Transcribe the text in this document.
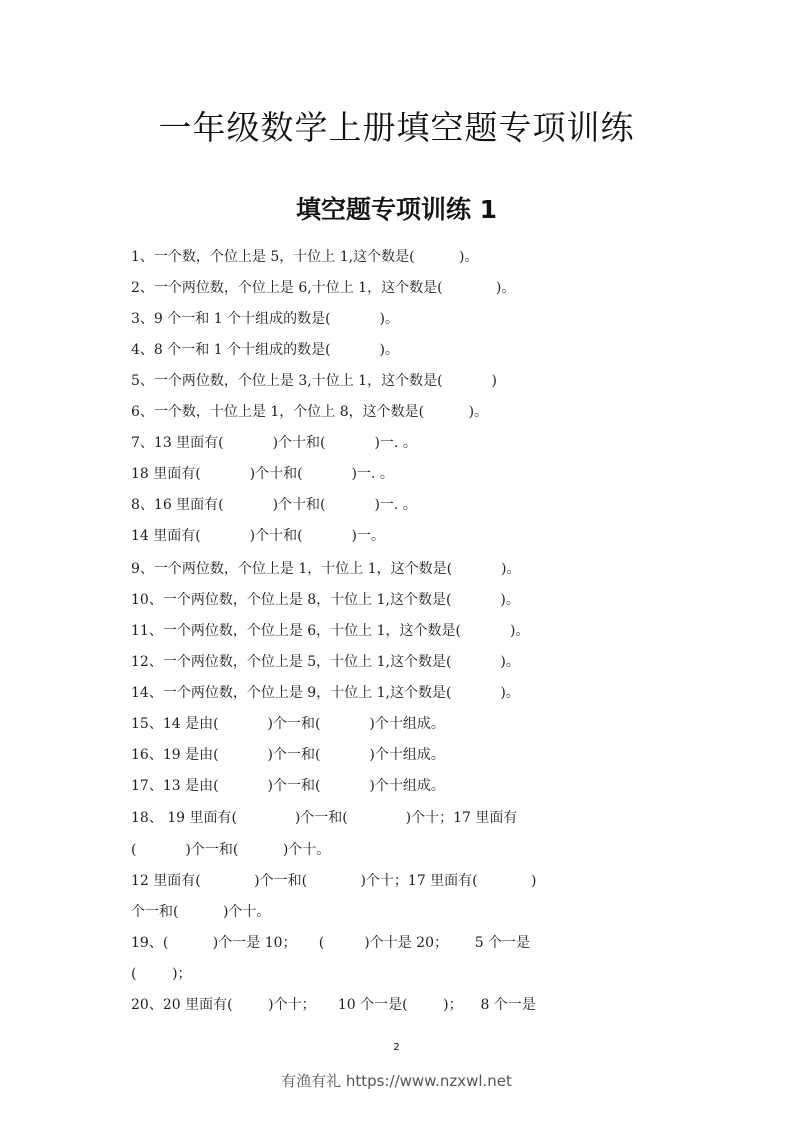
一年级数学上册填空题专项训练
填空题专项训练 1
1、一个数，个位上是 5，十位上 1,这个数是(          )。
2、一个两位数，个位上是 6,十位上 1，这个数是(            )。
3、9 个一和 1 个十组成的数是(           )。
4、8 个一和 1 个十组成的数是(           )。
5、一个两位数，个位上是 3,十位上 1，这个数是(           )
6、一个数，十位上是 1，个位上 8，这个数是(          )。
7、13 里面有(           )个十和(           )一. 。
18 里面有(           )个十和(           )一. 。
8、16 里面有(           )个十和(           )一. 。
14 里面有(           )个十和(           )一。
9、一个两位数，个位上是 1，十位上 1，这个数是(           )。
10、一个两位数，个位上是 8，十位上 1,这个数是(           )。
11、一个两位数，个位上是 6，十位上 1，这个数是(           )。
12、一个两位数，个位上是 5，十位上 1,这个数是(           )。
14、一个两位数，个位上是 9，十位上 1,这个数是(           )。
15、14 是由(           )个一和(           )个十组成。
16、19 是由(           )个一和(           )个十组成。
17、13 是由(           )个一和(           )个十组成。
18、 19 里面有(             )个一和(             )个十；17 里面有
(           )个一和(          )个十。
12 里面有(            )个一和(            )个十；17 里面有(            )
个一和(          )个十。
19、(          )个一是 10；     (         )个十是 20；      5 个一是
(        )；
20、20 里面有(        )个十；     10 个一是(        )；    8 个一是
2
有渔有礼 https://www.nzxwl.net
